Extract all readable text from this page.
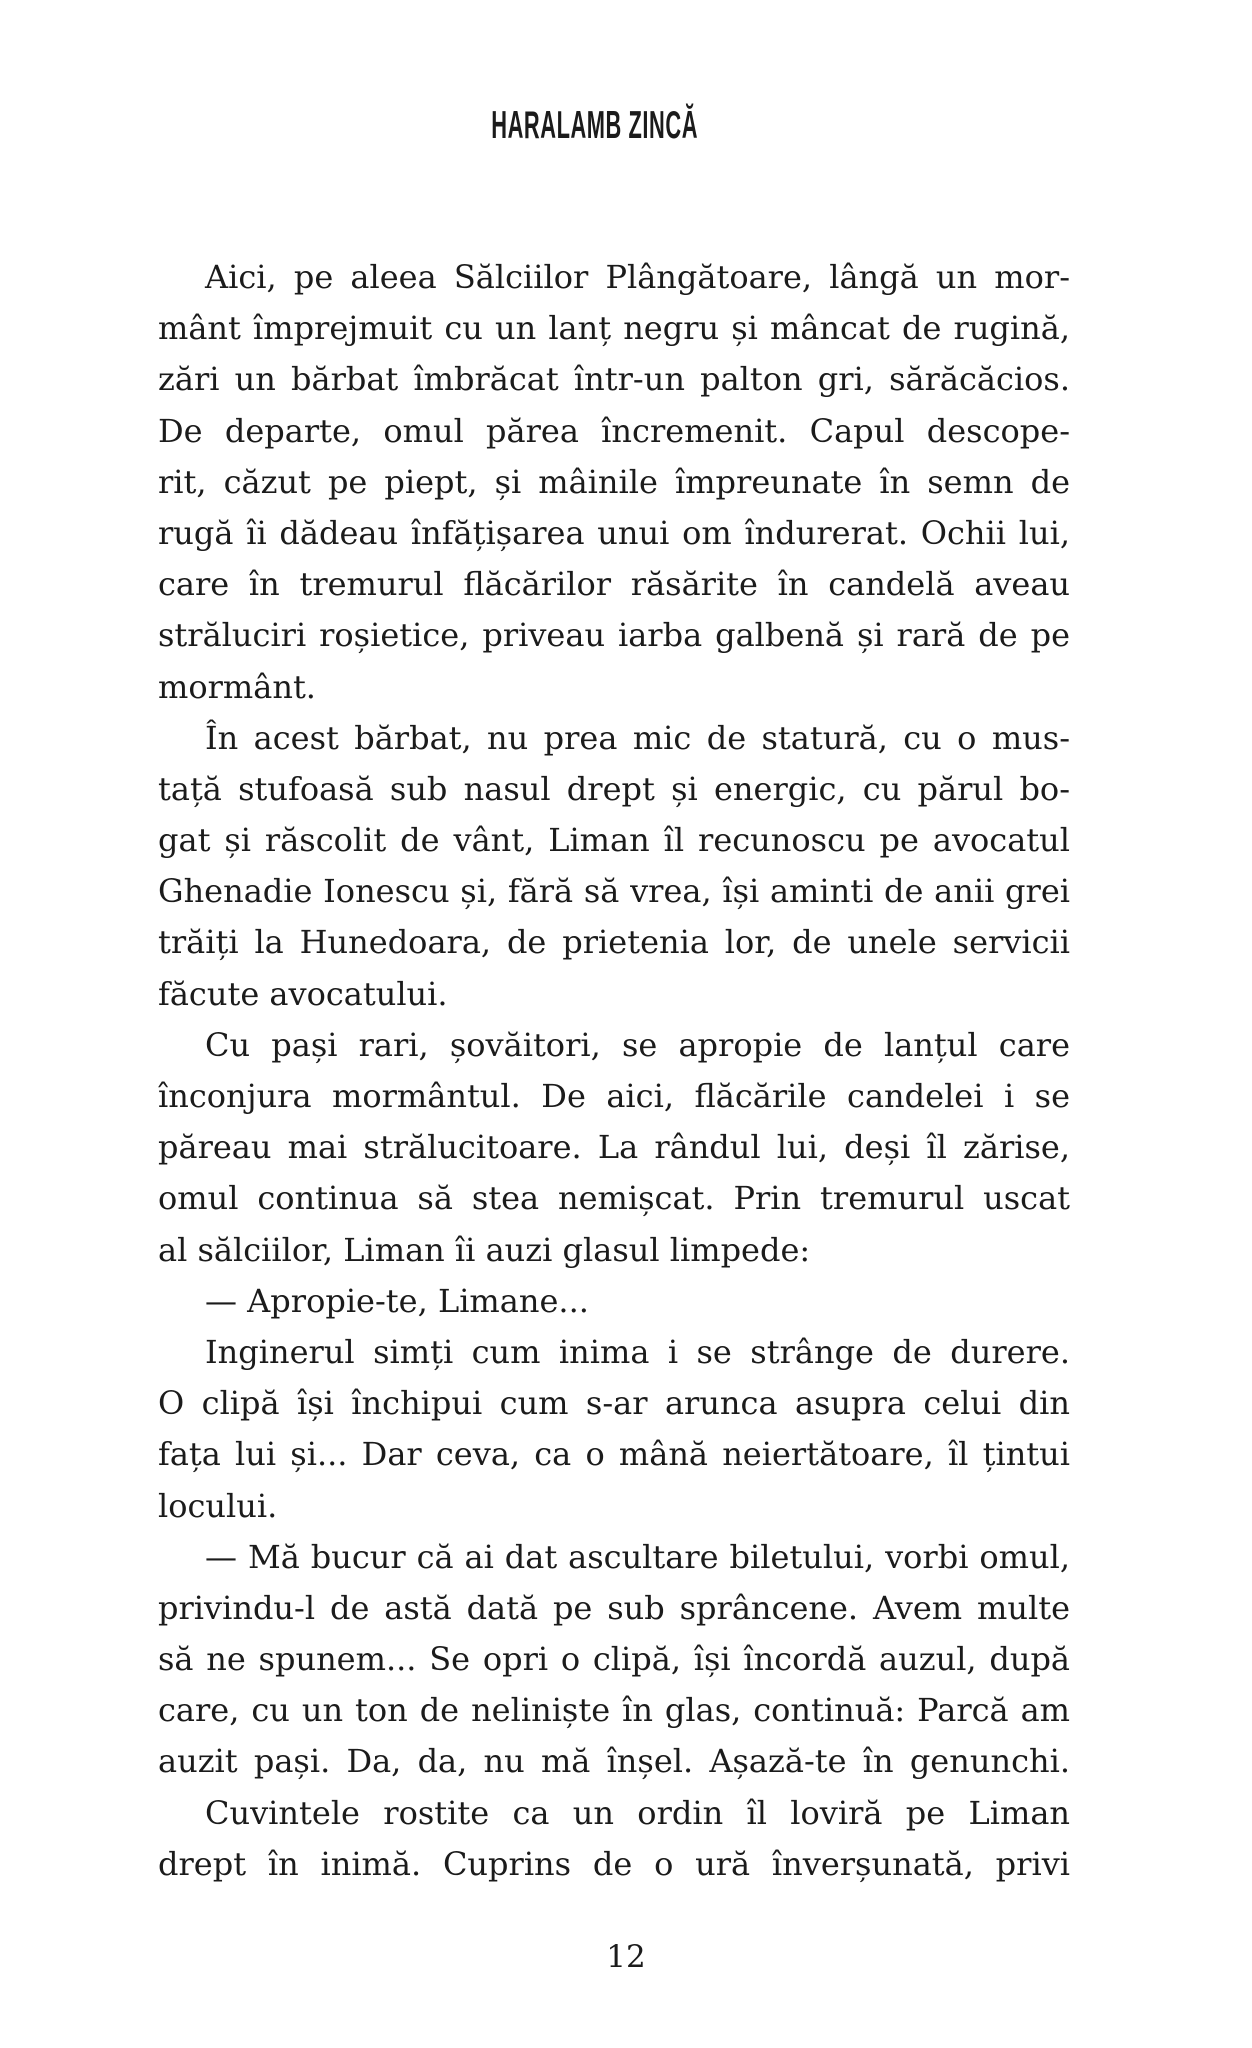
HARALAMB ZINCĂ
Aici, pe aleea Sălciilor Plângătoare, lângă un mor-
mânt împrejmuit cu un lanț negru și mâncat de rugină,
zări un bărbat îmbrăcat într-un palton gri, sărăcăcios.
De departe, omul părea încremenit. Capul descope-
rit, căzut pe piept, și mâinile împreunate în semn de
rugă îi dădeau înfățișarea unui om îndurerat. Ochii lui,
care în tremurul flăcărilor răsărite în candelă aveau
străluciri roșietice, priveau iarba galbenă și rară de pe
mormânt.
În acest bărbat, nu prea mic de statură, cu o mus-
tață stufoasă sub nasul drept și energic, cu părul bo-
gat și răscolit de vânt, Liman îl recunoscu pe avocatul
Ghenadie Ionescu și, fără să vrea, își aminti de anii grei
trăiți la Hunedoara, de prietenia lor, de unele servicii
făcute avocatului.
Cu pași rari, șovăitori, se apropie de lanțul care
înconjura mormântul. De aici, flăcările candelei i se
păreau mai strălucitoare. La rândul lui, deși îl zărise,
omul continua să stea nemișcat. Prin tremurul uscat
al sălciilor, Liman îi auzi glasul limpede:
— Apropie-te, Limane...
Inginerul simți cum inima i se strânge de durere.
O clipă își închipui cum s-ar arunca asupra celui din
fața lui și... Dar ceva, ca o mână neiertătoare, îl țintui
locului.
— Mă bucur că ai dat ascultare biletului, vorbi omul,
privindu-l de astă dată pe sub sprâncene. Avem multe
să ne spunem... Se opri o clipă, își încordă auzul, după
care, cu un ton de neliniște în glas, continuă: Parcă am
auzit pași. Da, da, nu mă înșel. Așază-te în genunchi.
Cuvintele rostite ca un ordin îl loviră pe Liman
drept în inimă. Cuprins de o ură înverșunată, privi
12
